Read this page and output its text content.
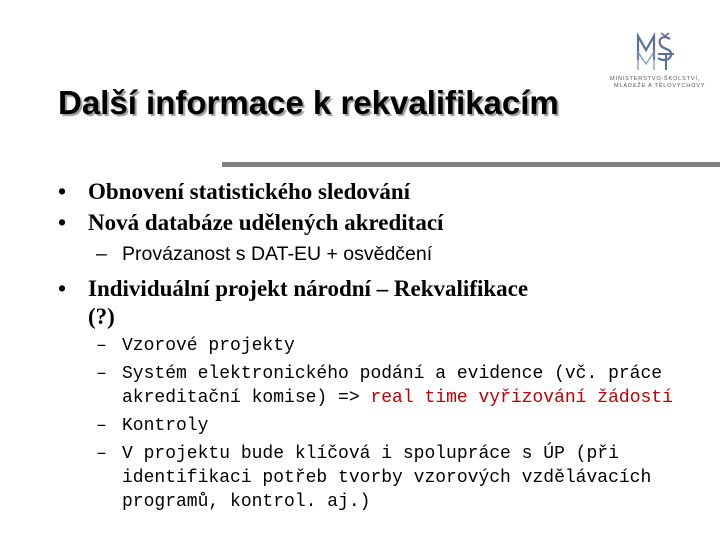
MINISTERSTVO ŠKOLSTVÍ,
MLÁDEŽE A TĚLOVÝCHOVY
Další informace k rekvalifikacím
• Obnovení statistického sledování
• Nová databáze udělených akreditací
– Provázanost s DAT-EU + osvědčení
• Individuální projekt národní – Rekvalifikace
(?)
– Vzorové projekty
– Systém elektronického podání a evidence (vč. práce
akreditační komise) => real time vyřizování žádostí
– Kontroly
– V projektu bude klíčová i spolupráce s ÚP (při
identifikaci potřeb tvorby vzorových vzdělávacích
programů, kontrol. aj.)
